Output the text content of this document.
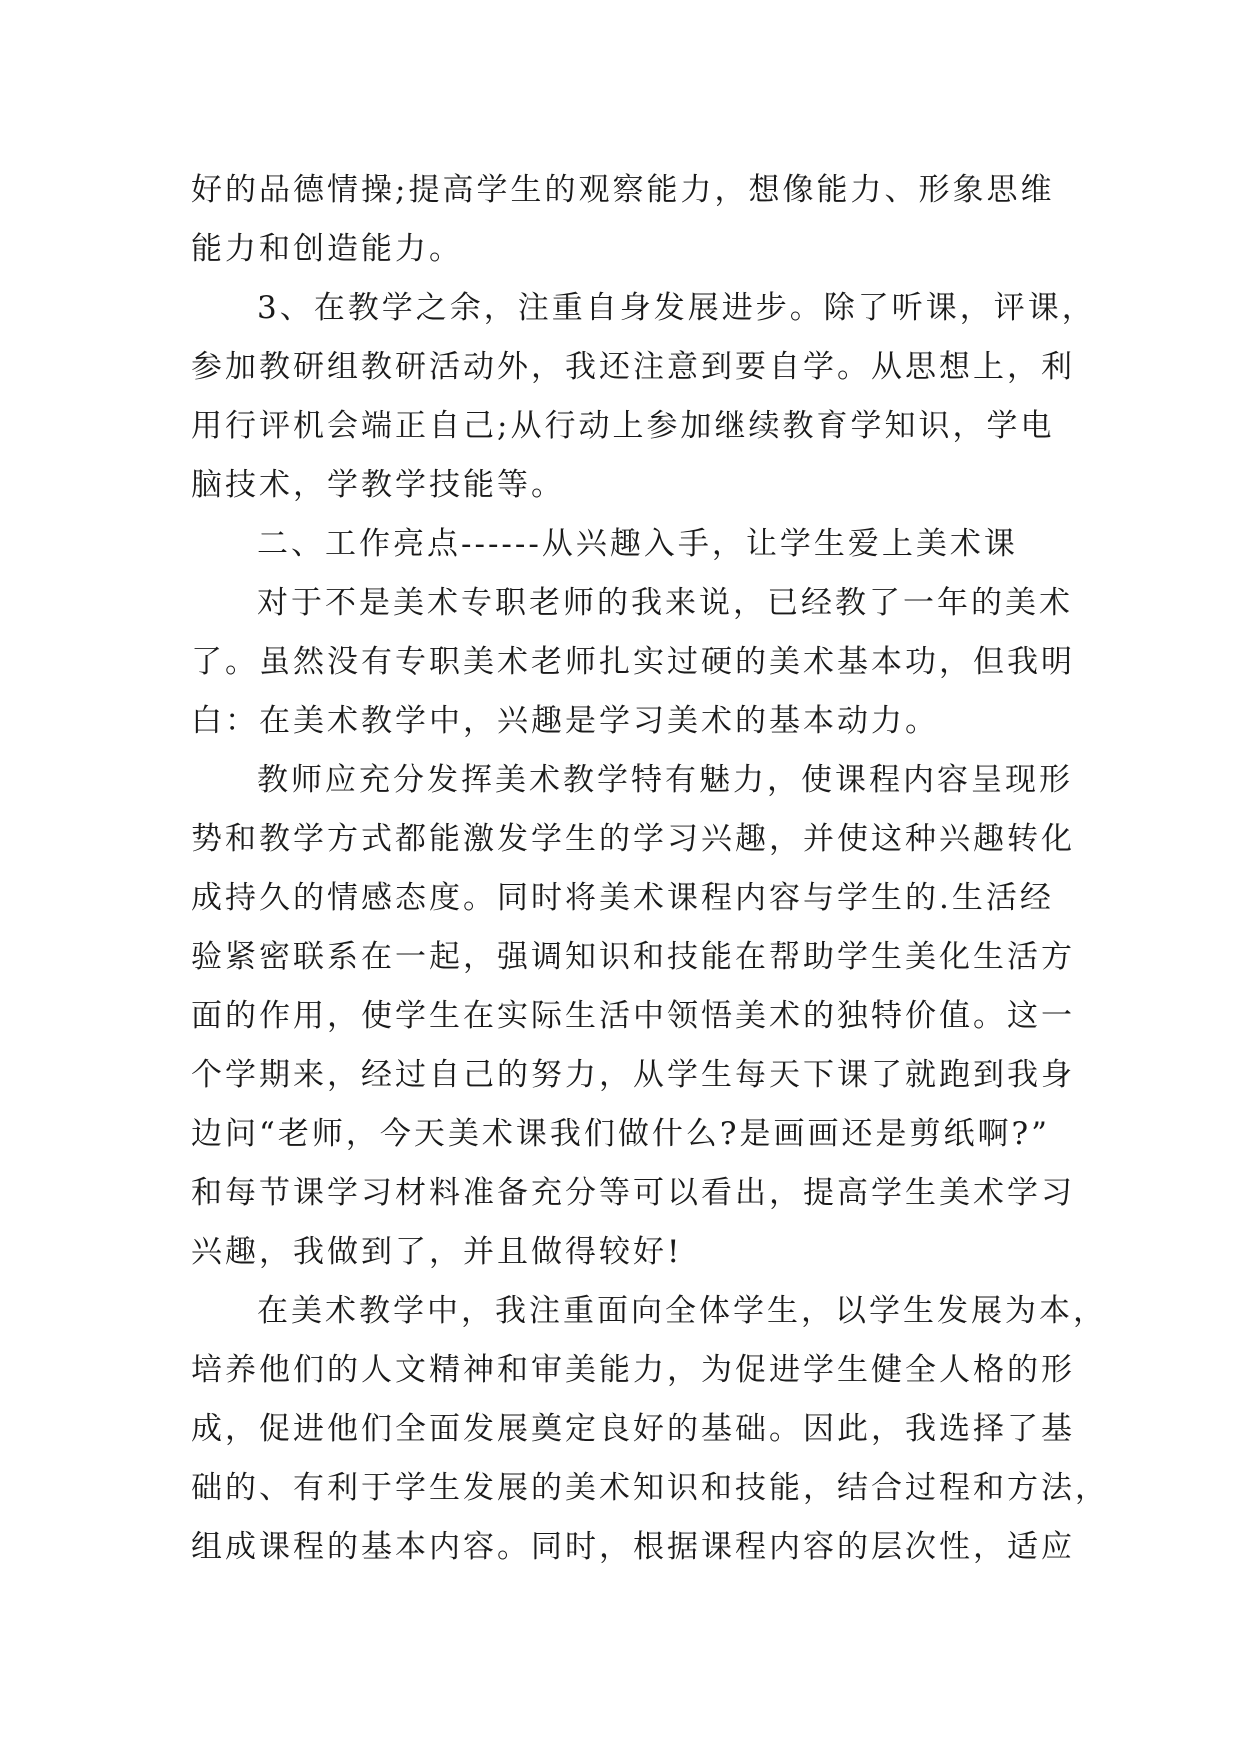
好的品德情操;提高学生的观察能力，想像能力、形象思维
能力和创造能力。
3、在教学之余，注重自身发展进步。除了听课，评课，
参加教研组教研活动外，我还注意到要自学。从思想上，利
用行评机会端正自己;从行动上参加继续教育学知识，学电
脑技术，学教学技能等。
二、工作亮点------从兴趣入手，让学生爱上美术课
对于不是美术专职老师的我来说，已经教了一年的美术
了。虽然没有专职美术老师扎实过硬的美术基本功，但我明
白：在美术教学中，兴趣是学习美术的基本动力。
教师应充分发挥美术教学特有魅力，使课程内容呈现形
势和教学方式都能激发学生的学习兴趣，并使这种兴趣转化
成持久的情感态度。同时将美术课程内容与学生的.生活经
验紧密联系在一起，强调知识和技能在帮助学生美化生活方
面的作用，使学生在实际生活中领悟美术的独特价值。这一
个学期来，经过自己的努力，从学生每天下课了就跑到我身
边问“老师，今天美术课我们做什么?是画画还是剪纸啊?”
和每节课学习材料准备充分等可以看出，提高学生美术学习
兴趣，我做到了，并且做得较好!
在美术教学中，我注重面向全体学生，以学生发展为本，
培养他们的人文精神和审美能力，为促进学生健全人格的形
成，促进他们全面发展奠定良好的基础。因此，我选择了基
础的、有利于学生发展的美术知识和技能，结合过程和方法，
组成课程的基本内容。同时，根据课程内容的层次性，适应
